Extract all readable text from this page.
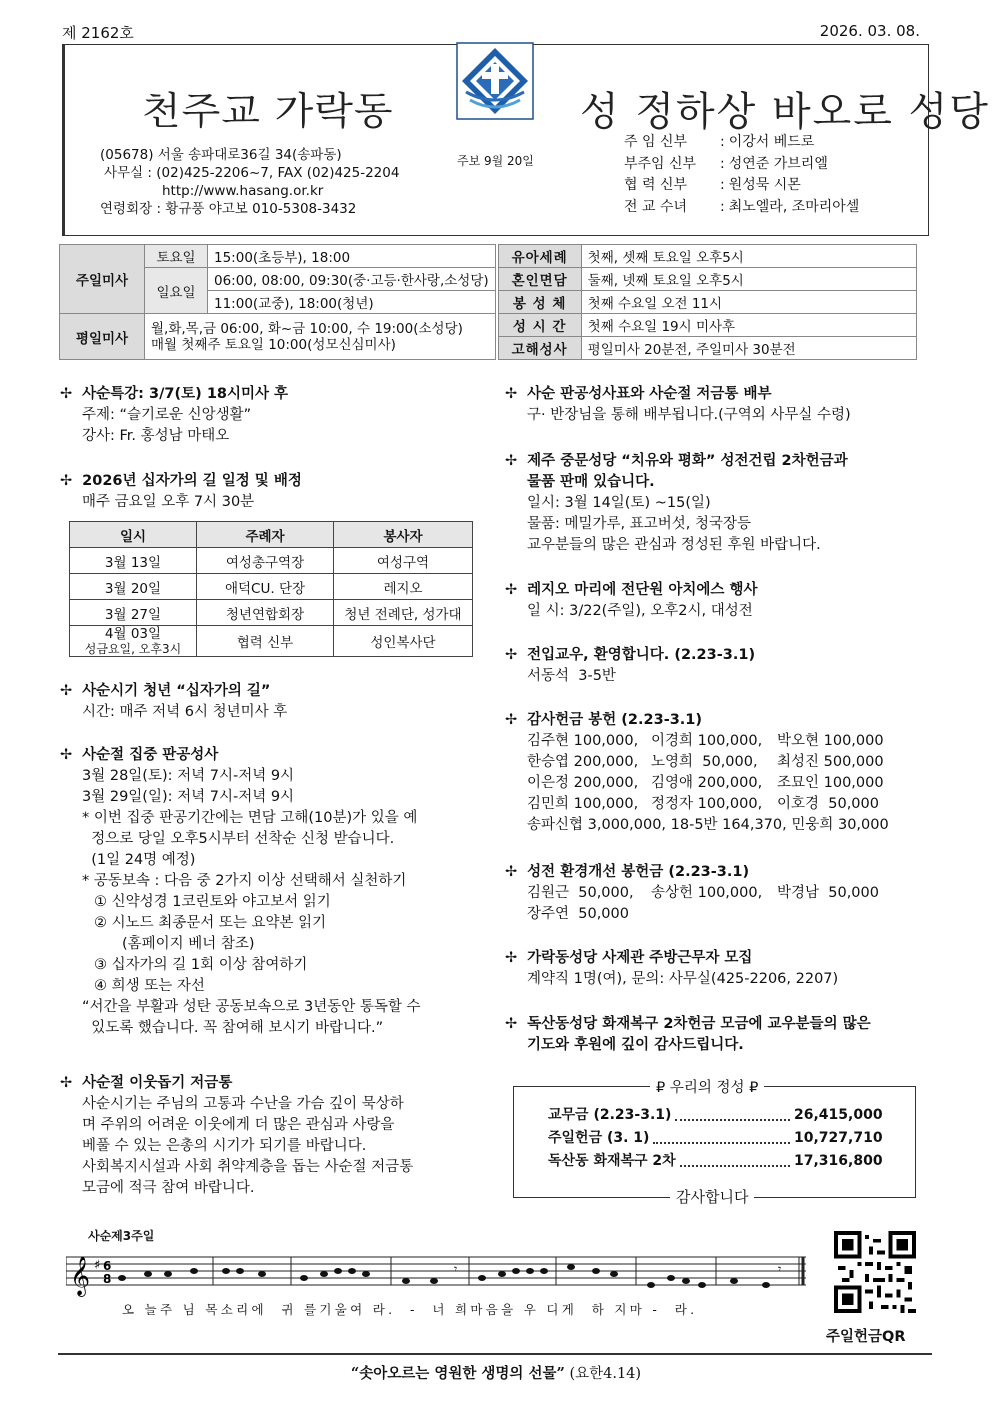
제 2162호	2026. 03. 08.
천주교 가락동	성 정하상 바오로 성당
(05678) 서울 송파대로36길 34(송파동)
사무실 : (02)425-2206~7, FAX (02)425-2204
http://www.hasang.or.kr
연령회장 : 황규풍 야고보 010-5308-3432
주보 9월 20일
주 임 신부	: 이강서 베드로
부주임 신부	: 성연준 가브리엘
협 력 신부	: 원성묵 시몬
전 교 수녀	: 최노엘라, 조마리아셀
주일미사	토요일	15:00(초등부), 18:00		유아세례	첫째, 셋째 토요일 오후5시
	일요일	06:00, 08:00, 09:30(중·고등·한사랑,소성당)		혼인면담	둘째, 넷째 토요일 오후5시
		11:00(교중), 18:00(청년)		봉 성 체	첫째 수요일 오전 11시
평일미사	월,화,목,금 06:00, 화~금 10:00, 수 19:00(소성당)
매월 첫째주 토요일 10:00(성모신심미사)			성 시 간	첫째 수요일 19시 미사후
				고해성사	평일미사 20분전, 주일미사 30분전
✢ 사순특강: 3/7(토) 18시미사 후
주제: “슬기로운 신앙생활”
강사: Fr. 홍성남 마태오
✢ 2026년 십자가의 길 일정 및 배정
매주 금요일 오후 7시 30분
일시	주례자	봉사자
3월 13일	여성총구역장	여성구역
3월 20일	애덕CU. 단장	레지오
3월 27일	청년연합회장	청년 전례단, 성가대

4월 03일
성금요일, 오후3시	협력 신부	성인복사단
✢ 사순시기 청년 “십자가의 길”
시간: 매주 저녁 6시 청년미사 후
✢ 사순절 집중 판공성사
3월 28일(토): 저녁 7시-저녁 9시
3월 29일(일): 저녁 7시-저녁 9시
* 이번 집중 판공기간에는 면담 고해(10분)가 있을 예
정으로 당일 오후5시부터 선착순 신청 받습니다.
(1일 24명 예정)
* 공동보속 : 다음 중 2가지 이상 선택해서 실천하기
① 신약성경 1코린토와 야고보서 읽기
② 시노드 최종문서 또는 요약본 읽기
(홈페이지 베너 참조)
③ 십자가의 길 1회 이상 참여하기
④ 희생 또는 자선
“서간을 부활과 성탄 공동보속으로 3년동안 통독할 수
있도록 했습니다. 꼭 참여해 보시기 바랍니다.”
✢ 사순절 이웃돕기 저금통
사순시기는 주님의 고통과 수난을 가슴 깊이 묵상하
며 주위의 어려운 이웃에게 더 많은 관심과 사랑을
베풀 수 있는 은총의 시기가 되기를 바랍니다.
사회복지시설과 사회 취약계층을 돕는 사순절 저금통
모금에 적극 참여 바랍니다.
✢ 사순 판공성사표와 사순절 저금통 배부
구· 반장님을 통해 배부됩니다.(구역외 사무실 수령)
✢ 제주 중문성당 “치유와 평화” 성전건립 2차헌금과
물품 판매 있습니다.
일시: 3월 14일(토) ~15(일)
물품: 메밀가루, 표고버섯, 청국장등
교우분들의 많은 관심과 정성된 후원 바랍니다.
✢ 레지오 마리에 전단원 아치에스 행사
일 시: 3/22(주일), 오후2시, 대성전
✢ 전입교우, 환영합니다. (2.23-3.1)
서동석  3-5반
✢ 감사헌금 봉헌 (2.23-3.1)
김주현 100,000, 이경희 100,000, 박오현 100,000
한승엽 200,000, 노영희  50,000,	최성진 500,000
이은정 200,000, 김영애 200,000, 조묘인 100,000
김민희 100,000, 정정자 100,000, 이호경  50,000
송파신협 3,000,000, 18-5반 164,370, 민웅희 30,000
✢ 성전 환경개선 봉헌금 (2.23-3.1)
김원근  50,000, 송상헌 100,000, 박경남  50,000
장주연  50,000
✢ 가락동성당 사제관 주방근무자 모집
계약직 1명(여), 문의: 사무실(425-2206, 2207)
✢ 독산동성당 화재복구 2차헌금 모금에 교우분들의 많은
기도와 후원에 깊이 감사드립니다.
₽ 우리의 정성 ₽
교무금 (2.23-3.1)	26,415,000
주일헌금 (3. 1)	10,727,710
독산동 화재복구 2차	17,316,800
감사합니다
사순제3주일
𝄞 ♯ 6
8
𝄾	𝄾
오 늘주 님 목소리에  귀 를기울여 라.  -  너 희마음을 우 디게  하 지마 -  라.
주일헌금QR
“솟아오르는 영원한 생명의 선물” (요한4.14)
